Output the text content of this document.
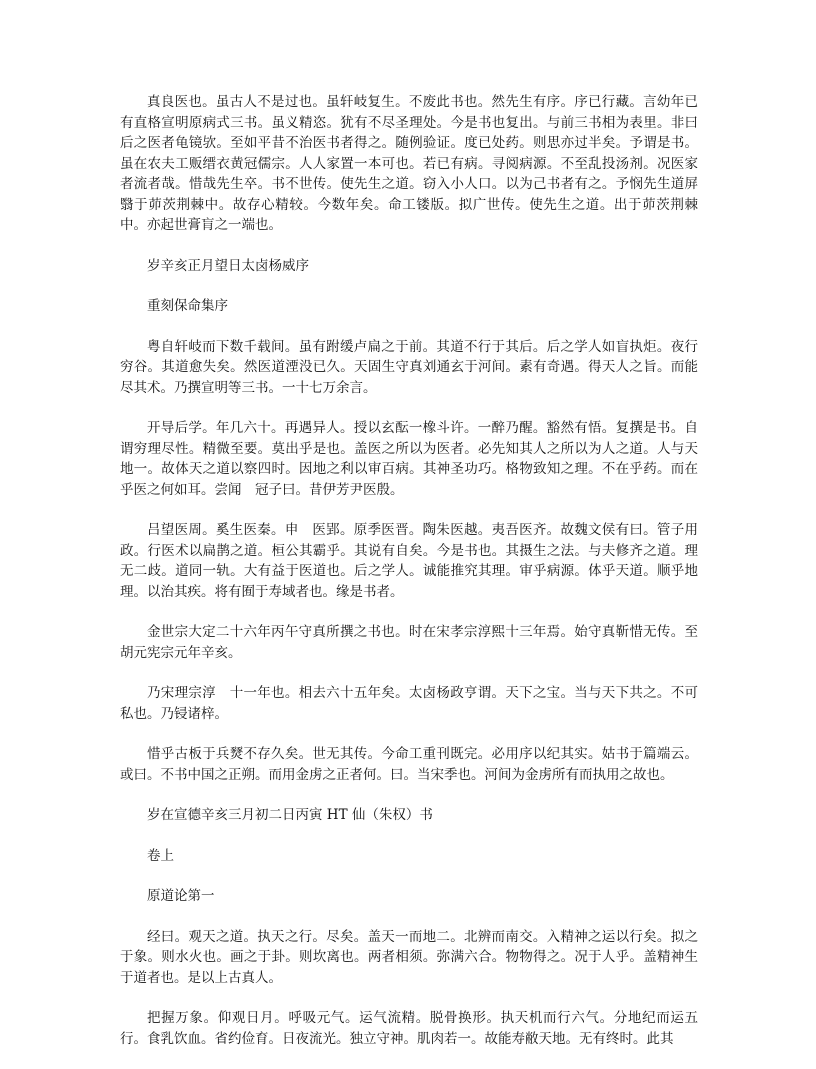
真良医也。虽古人不是过也。虽轩岐复生。不废此书也。然先生有序。序已行藏。言幼年已有直格宣明原病式三书。虽义精恣。犹有不尽圣理处。今是书也复出。与前三书相为表里。非曰后之医者龟镜欤。至如平昔不治医书者得之。随例验证。度已处药。则思亦过半矣。予谓是书。虽在农夫工贩缙衣黄冠儒宗。人人家置一本可也。若已有病。寻阅病源。不至乱投汤剂。况医家者流者哉。惜哉先生卒。书不世传。使先生之道。窃入小人口。以为己书者有之。予悯先生道屏翳于茆茨荆棘中。故存心精较。今数年矣。命工镂版。拟广世传。使先生之道。出于茆茨荆棘中。亦起世膏肓之一端也。

岁辛亥正月望日太卤杨威序

重刻保命集序

粤自轩岐而下数千载间。虽有跗缓卢扁之于前。其道不行于其后。后之学人如盲执炬。夜行穷谷。其道愈失矣。然医道湮没已久。天固生守真刘通玄于河间。素有奇遇。得天人之旨。而能尽其术。乃撰宣明等三书。一十七万余言。

开导后学。年几六十。再遇异人。授以玄酝一橡斗许。一醉乃醒。豁然有悟。复撰是书。自谓穷理尽性。精微至要。莫出乎是也。盖医之所以为医者。必先知其人之所以为人之道。人与天地一。故体天之道以察四时。因地之利以审百病。其神圣功巧。格物致知之理。不在乎药。而在乎医之何如耳。尝闻　冠子曰。昔伊芳尹医殷。

吕望医周。奚生医秦。申　医郢。原季医晋。陶朱医越。夷吾医齐。故魏文侯有曰。管子用政。行医术以扁鹊之道。桓公其霸乎。其说有自矣。今是书也。其摄生之法。与夫修齐之道。理无二歧。道同一轨。大有益于医道也。后之学人。诚能推究其理。审乎病源。体乎天道。顺乎地理。以治其疾。将有囿于寿域者也。缘是书者。

金世宗大定二十六年丙午守真所撰之书也。时在宋孝宗淳熙十三年焉。始守真靳惜无传。至胡元宪宗元年辛亥。

乃宋理宗淳　十一年也。相去六十五年矣。太卤杨政亨谓。天下之宝。当与天下共之。不可私也。乃锓诸梓。

惜乎古板于兵燹不存久矣。世无其传。今命工重刊既完。必用序以纪其实。姑书于篇端云。或曰。不书中国之正朔。而用金虏之正者何。曰。当宋季也。河间为金虏所有而执用之故也。

岁在宣德辛亥三月初二日丙寅 HT 仙（朱权）书

卷上

原道论第一

经曰。观天之道。执天之行。尽矣。盖天一而地二。北辨而南交。入精神之运以行矣。拟之于象。则水火也。画之于卦。则坎离也。两者相须。弥满六合。物物得之。况于人乎。盖精神生于道者也。是以上古真人。

把握万象。仰观日月。呼吸元气。运气流精。脱骨换形。执天机而行六气。分地纪而运五行。食乳饮血。省约俭育。日夜流光。独立守神。肌肉若一。故能寿敝天地。无有终时。此其
